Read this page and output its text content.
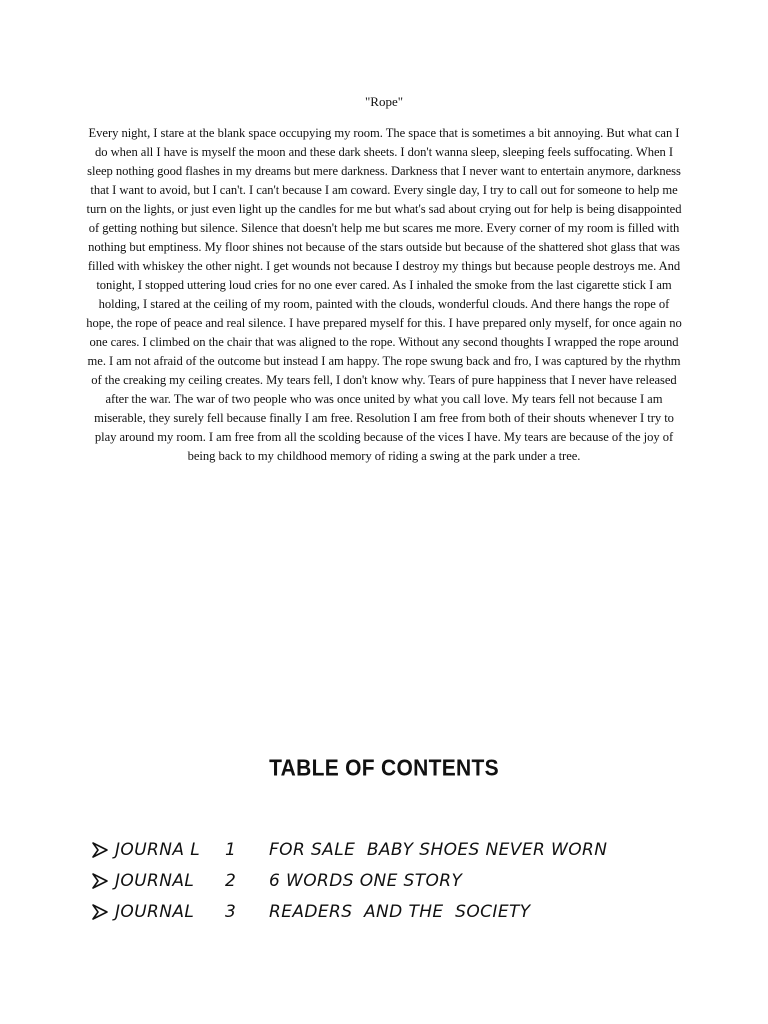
"Rope"

Every night, I stare at the blank space occupying my room. The space that is sometimes a bit annoying. But what can I do when all I have is myself the moon and these dark sheets. I don't wanna sleep, sleeping feels suffocating. When I sleep nothing good flashes in my dreams but mere darkness. Darkness that I never want to entertain anymore, darkness that I want to avoid, but I can't. I can't because I am coward. Every single day, I try to call out for someone to help me turn on the lights, or just even light up the candles for me but what's sad about crying out for help is being disappointed of getting nothing but silence. Silence that doesn't help me but scares me more. Every corner of my room is filled with nothing but emptiness. My floor shines not because of the stars outside but because of the shattered shot glass that was filled with whiskey the other night. I get wounds not because I destroy my things but because people destroys me. And tonight, I stopped uttering loud cries for no one ever cared. As I inhaled the smoke from the last cigarette stick I am holding, I stared at the ceiling of my room, painted with the clouds, wonderful clouds. And there hangs the rope of hope, the rope of peace and real silence. I have prepared myself for this. I have prepared only myself, for once again no one cares. I climbed on the chair that was aligned to the rope. Without any second thoughts I wrapped the rope around me. I am not afraid of the outcome but instead I am happy. The rope swung back and fro, I was captured by the rhythm of the creaking my ceiling creates. My tears fell, I don't know why. Tears of pure happiness that I never have released after the war. The war of two people who was once united by what you call love. My tears fell not because I am miserable, they surely fell because finally I am free. Resolution I am free from both of their shouts whenever I try to play around my room. I am free from all the scolding because of the vices I have. My tears are because of the joy of being back to my childhood memory of riding a swing at the park under a tree.

TABLE OF CONTENTS
JOURNA L	1	FOR SALE  BABY SHOES NEVER WORN
JOURNAL	2	6 WORDS ONE STORY
JOURNAL	3	READERS  AND THE  SOCIETY
